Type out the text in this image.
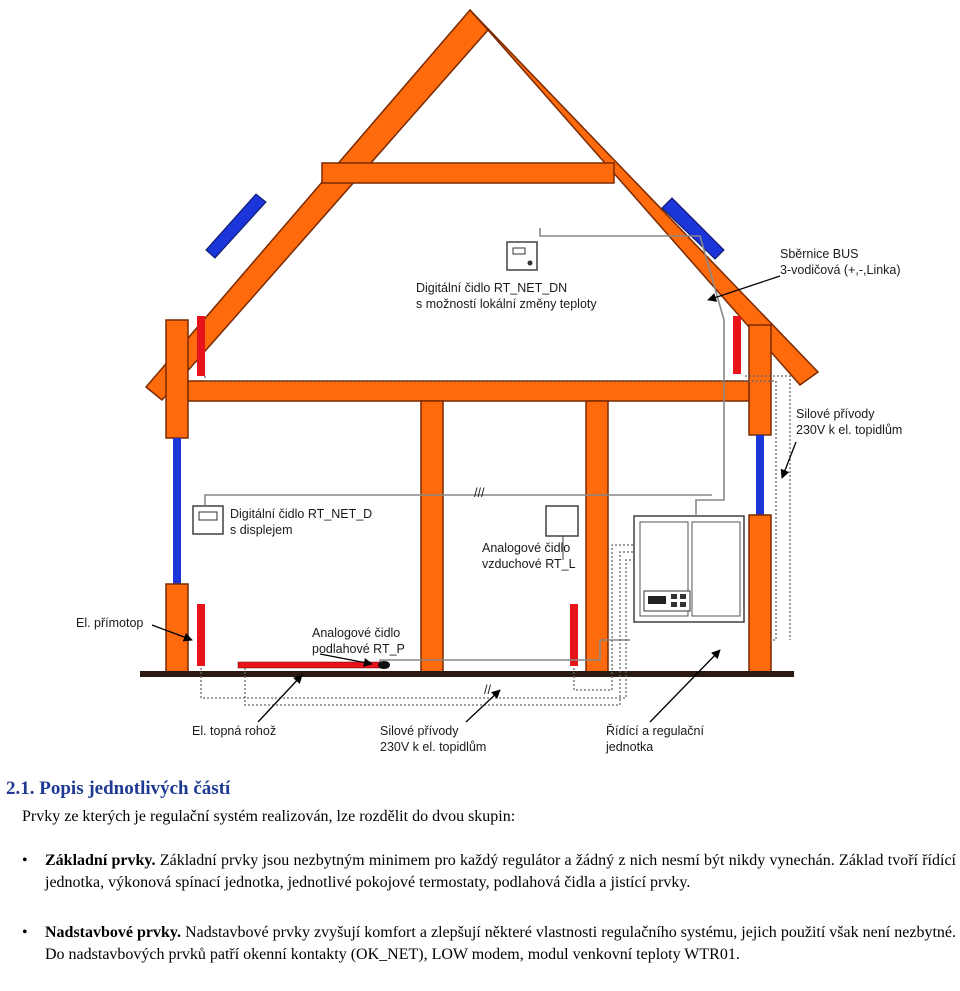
///
//
Digitální čidlo RT_NET_DN s možností lokální změny teploty
Sběrnice BUS 3-vodičová (+,-,Linka)
Silové přívody 230V k el. topidlům
Digitální čidlo RT_NET_D s displejem
Analogové čidlo vzduchové RT_L
El. přímotop
Analogové čidlo podlahové RT_P
El. topná rohož	Silové přívody 230V k el. topidlům
Řídící a regulační jednotka
2.1. Popis jednotlivých částí
Prvky ze kterých je regulační systém realizován, lze rozdělit do dvou skupin:
• Základní prvky. Základní prvky jsou nezbytným minimem pro každý regulátor a žádný z nich nesmí být nikdy vynechán. Základ tvoří řídící jednotka, výkonová spínací jednotka, jednotlivé pokojové termostaty, podlahová čidla a jistící prvky.
• Nadstavbové prvky. Nadstavbové prvky zvyšují komfort a zlepšují některé vlastnosti regulačního systému, jejich použití však není nezbytné. Do nadstavbových prvků patří okenní kontakty (OK_NET), LOW modem, modul venkovní teploty WTR01.
